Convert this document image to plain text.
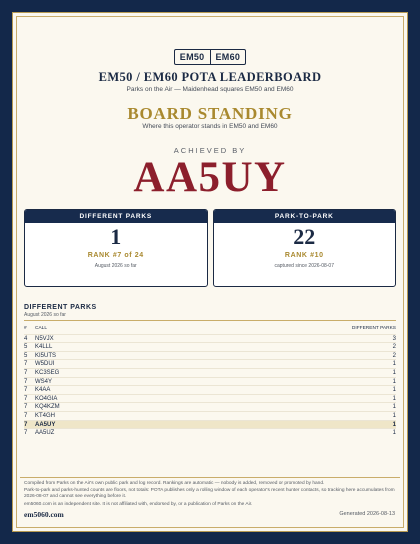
EM50	EM60
EM50 / EM60 POTA LEADERBOARD
Parks on the Air — Maidenhead squares EM50 and EM60
BOARD STANDING
Where this operator stands in EM50 and EM60
ACHIEVED BY
AA5UY
DIFFERENT PARKS
1
RANK #7 of 24
August 2026 so far
PARK-TO-PARK
22
RANK #10
captured since 2026-08-07
DIFFERENT PARKS
August 2026 so far
#	CALL	DIFFERENT PARKS
4	N5VJX	3
5	K4LLL	2
5	KI5UTS	2
7	W5DUI	1
7	KC3SEG	1
7	WS4Y	1
7	K4AA	1
7	KO4GIA	1
7	KQ4KZM	1
7	KT4GH	1
7	AA5UY	1
7	AA5UZ	1
Compiled from Parks on the Air's own public park and log record. Rankings are automatic — nobody is added, removed or promoted by hand.
Park-to-park and parks-hunted counts are floors, not totals: POTA publishes only a rolling window of each operator's recent hunter contacts, so tracking here accumulates from 2026-08-07 and cannot see everything before it.
em5060.com is an independent site. It is not affiliated with, endorsed by, or a publication of Parks on the Air.
em5060.com	Generated 2026-08-13
